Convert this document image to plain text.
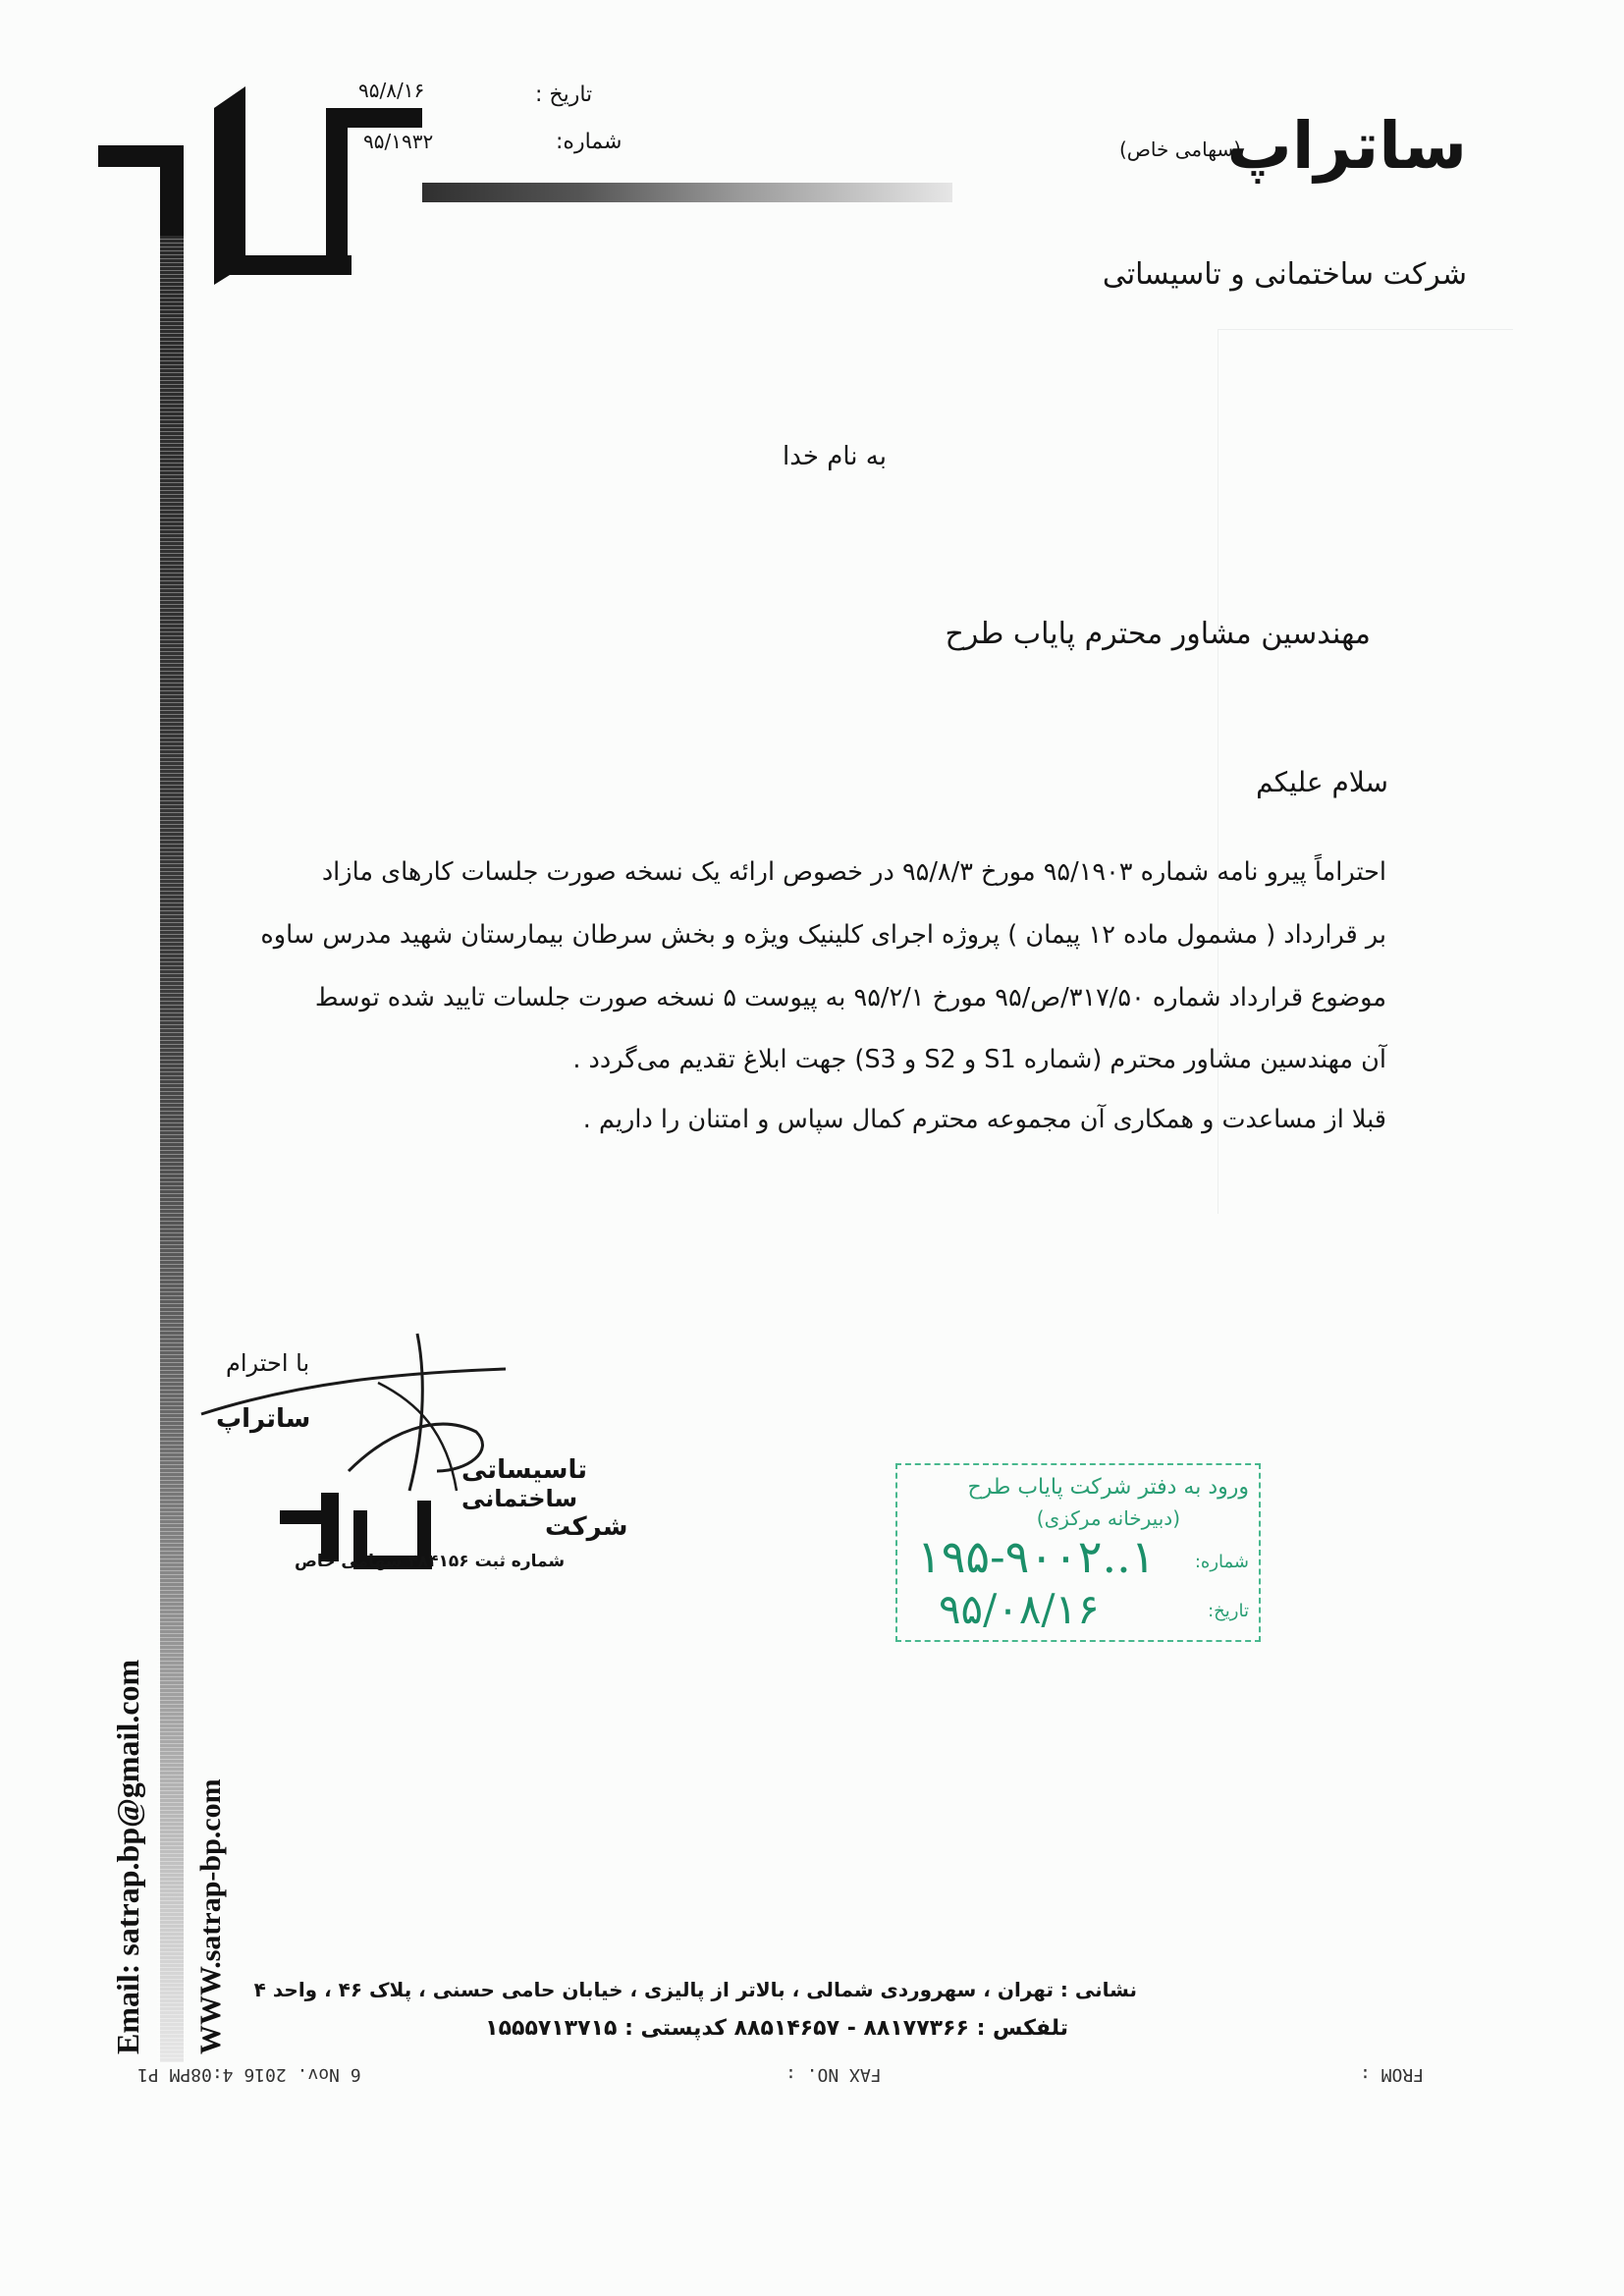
ساتراپ
(سهامی خاص)
شرکت ساختمانی و تاسیساتی
تاریخ :
۹۵/۸/۱۶
شماره:
۹۵/۱۹۳۲
به نام خدا
مهندسین مشاور محترم پایاب طرح
سلام علیکم
احتراماً پیرو نامه شماره ۹۵/۱۹۰۳ مورخ ۹۵/۸/۳ در خصوص ارائه یک نسخه صورت جلسات کارهای مازاد
بر قرارداد ( مشمول ماده ۱۲ پیمان ) پروژه اجرای کلینیک ویژه و بخش سرطان بیمارستان شهید مدرس ساوه
موضوع قرارداد شماره ۳۱۷/۵۰/ص/۹۵ مورخ ۹۵/۲/۱ به پیوست ۵ نسخه صورت جلسات تایید شده توسط
آن مهندسین مشاور محترم (شماره S1 و S2 و S3) جهت ابلاغ تقدیم می‌گردد .
قبلا از مساعدت و همکاری آن مجموعه محترم کمال سپاس و امتنان را داریم .
با احترام
ساتراپ
تاسیساتی
ساختمانی
شرکت
شماره ثبت ۴۸۴۱۵۶ سهامی خاص
ورود به دفتر شرکت پایاب طرح
(دبیرخانه مرکزی)
شماره:
تاریخ:
۱..۱۹۵-۹۰۰۲
۹۵/۰۸/۱۶
نشانی : تهران ، سهروردی شمالی ، بالاتر از پالیزی ، خیابان حامی حسنی ، پلاک ۴۶ ، واحد ۴
تلفکس : ۸۸۱۷۷۳۶۶ - ۸۸۵۱۴۶۵۷ کدپستی : ۱۵۵۵۷۱۳۷۱۵
Email: satrap.bp@gmail.com WWW.satrap-bp.com
FROM :
FAX NO. :
6 Nov. 2016 4:08PM P1
